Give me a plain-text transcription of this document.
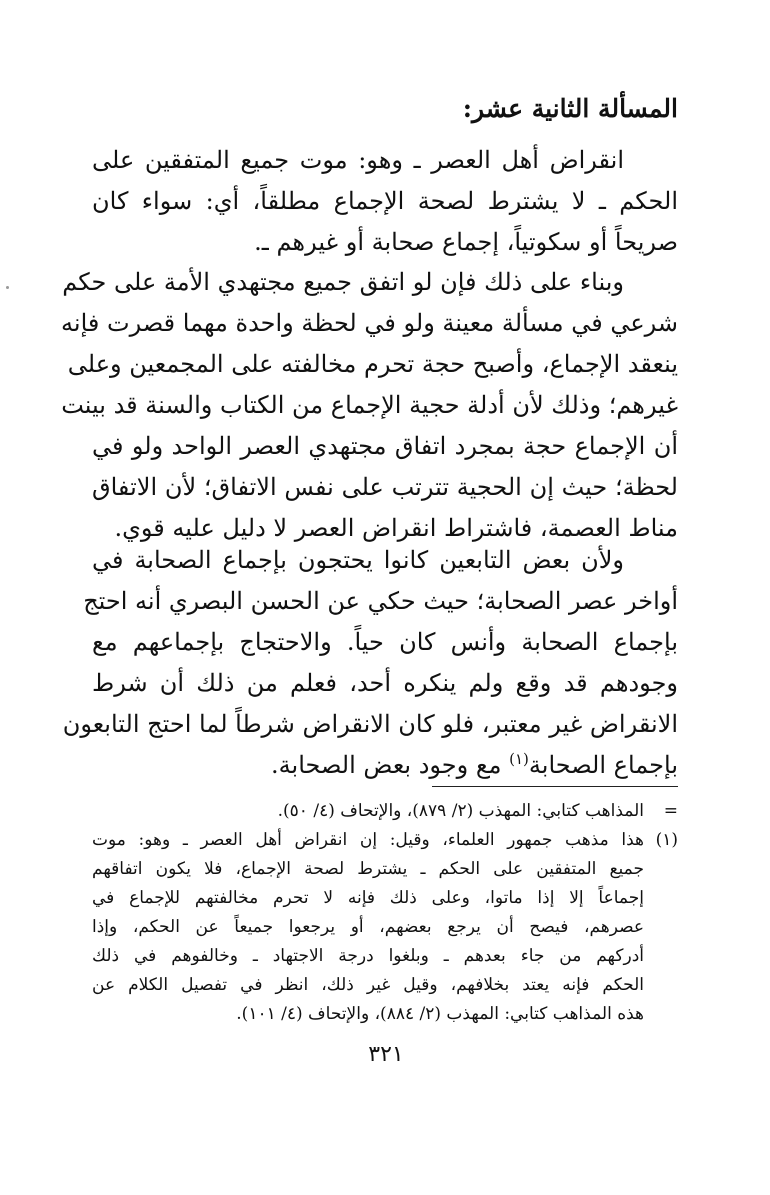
المسألة الثانية عشر:
انقراض أهل العصر ـ وهو: موت جميع المتفقين على
الحكم ـ لا يشترط لصحة الإجماع مطلقاً، أي: سواء كان
صريحاً أو سكوتياً، إجماع صحابة أو غيرهم ـ.
وبناء على ذلك فإن لو اتفق جميع مجتهدي الأمة على حكم
شرعي في مسألة معينة ولو في لحظة واحدة مهما قصرت فإنه
ينعقد الإجماع، وأصبح حجة تحرم مخالفته على المجمعين وعلى
غيرهم؛ وذلك لأن أدلة حجية الإجماع من الكتاب والسنة قد بينت
أن الإجماع حجة بمجرد اتفاق مجتهدي العصر الواحد ولو في
لحظة؛ حيث إن الحجية تترتب على نفس الاتفاق؛ لأن الاتفاق
مناط العصمة، فاشتراط انقراض العصر لا دليل عليه قوي.
ولأن بعض التابعين كانوا يحتجون بإجماع الصحابة في
أواخر عصر الصحابة؛ حيث حكي عن الحسن البصري أنه احتج
بإجماع الصحابة وأنس كان حياً. والاحتجاج بإجماعهم مع
وجودهم قد وقع ولم ينكره أحد، فعلم من ذلك أن شرط
الانقراض غير معتبر، فلو كان الانقراض شرطاً لما احتج التابعون
بإجماع الصحابة$^{(١)}$ مع وجود بعض الصحابة.
=
المذاهب كتابي: المهذب (٢/ ٨٧٩)، والإتحاف (٤/ ٥٠).
(١)
هذا مذهب جمهور العلماء، وقيل: إن انقراض أهل العصر ـ وهو: موت
جميع المتفقين على الحكم ـ يشترط لصحة الإجماع، فلا يكون اتفاقهم
إجماعاً إلا إذا ماتوا، وعلى ذلك فإنه لا تحرم مخالفتهم للإجماع في
عصرهم، فيصح أن يرجع بعضهم، أو يرجعوا جميعاً عن الحكم، وإذا
أدركهم من جاء بعدهم ـ وبلغوا درجة الاجتهاد ـ وخالفوهم في ذلك
الحكم فإنه يعتد بخلافهم، وقيل غير ذلك، انظر في تفصيل الكلام عن
هذه المذاهب كتابي: المهذب (٢/ ٨٨٤)، والإتحاف (٤/ ١٠١).
٣٢١
